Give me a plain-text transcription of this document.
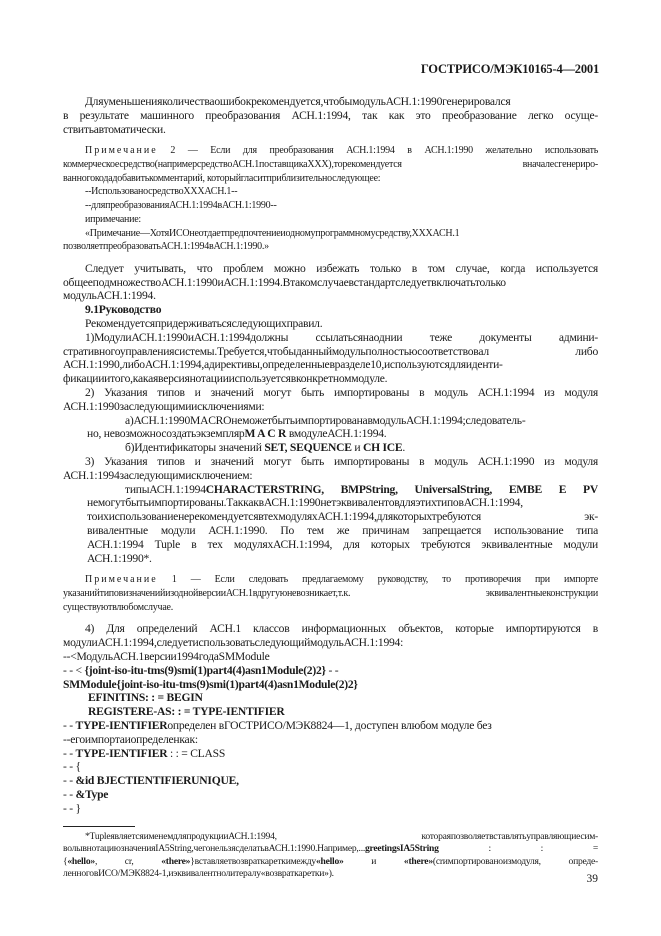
ГОСТРИСО/МЭК10165-4—2001
Дляуменьшенияколичестваошибокрекомендуется,чтобымодульАСН.1:1990генерировался
в результате машинного преобразования АСН.1:1994, так как это преобразование легко осуще-
ствитьавтоматически.
Примечание 2 — Если для преобразования АСН.1:1994 в АСН.1:1990 желательно использовать
коммерческоесредство(напримерсредствоАСН.1поставщикаXXX),торекомендуется вначалесгенериро-
ванногокодадобавитькомментарий, которыйгласитприблизительноследующее:
--ИспользованосредствоXXXАСН.1--
--дляпреобразованияАСН.1:1994вАСН.1:1990--
ипримечание:
«Примечание—ХотяИСОнеотдаетпредпочтениеиодномупрограммномусредству,XXXАСН.1
позволяетпреобразоватьАСН.1:1994вАСН.1:1990.»
Следует учитывать, что проблем можно избежать только в том случае, когда используется
общееподмножествоАСН.1:1990иАСН.1:1994.Втакомслучаевстандартследуетвключатьтолько
модульАСН.1:1994.
9.1Руководство
Рекомендуетсяпридерживатьсяследующихправил.
1)МодулиАСН.1:1990иАСН.1:1994должны ссылатьсянаоднии теже документы админи-
стративногоуправлениясистемы.Требуется,чтобыданныймодульполностьюсоответствовал либо
АСН.1:1990,либоАСН.1:1994,адирективы,определенныевразделе10,используютсядляиденти-
фикацииитого,какаяверсиянотациииспользуетсявконкретноммодуле.
2) Указания типов и значений могут быть импортированы в модуль АСН.1:1994 из модуля
АСН.1:1990заследующимиисключениями:
а)АСН.1:1990MACROнеможетбытьимпортированавмодульАСН.1:1994;следователь-
но, невозможносоздатьэкземплярM A C R вмодулеАСН.1:1994.
б)Идентификаторы значений SET, SEQUENCE и CH ICE.
3) Указания типов и значений могут быть импортированы в модуль АСН.1:1990 из модуля
АСН.1:1994заследующимисключением:
типыАСН.1:1994CHARACTERSTRING, BMPString, UniversalString, EMBE E PV
немогутбытьимпортированы.ТаккаквАСН.1:1990нетэквивалентовдляэтихтиповАСН.1:1994,
тоихиспользованиенерекомендуетсявтехмодуляхАСН.1:1994,длякоторыхтребуются эк-
вивалентные модули АСН.1:1990. По тем же причинам запрещается использование типа
АСН.1:1994 Tuple в тех модуляхАСН.1:1994, для которых требуются эквивалентные модули
АСН.1:1990*.
Примечание 1 — Если следовать предлагаемому руководству, то противоречия при импорте
указанийтиповизначенийизоднойверсииАСН.1вдругуюневозникает,т.к. эквивалентныеконструкции
существуютвлюбомслучае.
4) Для определений АСН.1 классов информационных объектов, которые импортируются в
модулиАСН.1:1994,следуетиспользоватьследующиймодульАСН.1:1994:
--<МодульАСН.1версии1994годаSMModule
- - < {joint-iso-itu-tms(9)smi(1)part4(4)asn1Module(2)2} - -
SMModule{joint-iso-itu-tms(9)smi(1)part4(4)asn1Module(2)2}
EFINITINS: : = BEGIN
REGISTERE-AS: : = TYPE-IENTIFIER
- - TYPE-IENTIFIERопределен вГОСТРИСО/МЭК8824—1, доступен влюбом модуле без
--егоимпортаиопределенкак:
- - TYPE-IENTIFIER : : = CLASS
- - {
- - &id BJECTIENTIFIERUNIQUE,
- - &Type
- - }
*TupleявляетсяименемдляпродукцииАСН.1:1994, котораяпозволяетвставлятьуправляющиесим-
волывнотациюзначенияIA5String,чегонельзясделатьвАСН.1:1990.Например,...greetingsIA5String : : =
{«hello», cr, «there»}вставляетвозвраткареткимежду«hello» и «there»(crимпортированоизмодуля, опреде-
ленноговИСО/МЭК8824-1,иэквивалентнолитералу«возвраткаретки»).	39
